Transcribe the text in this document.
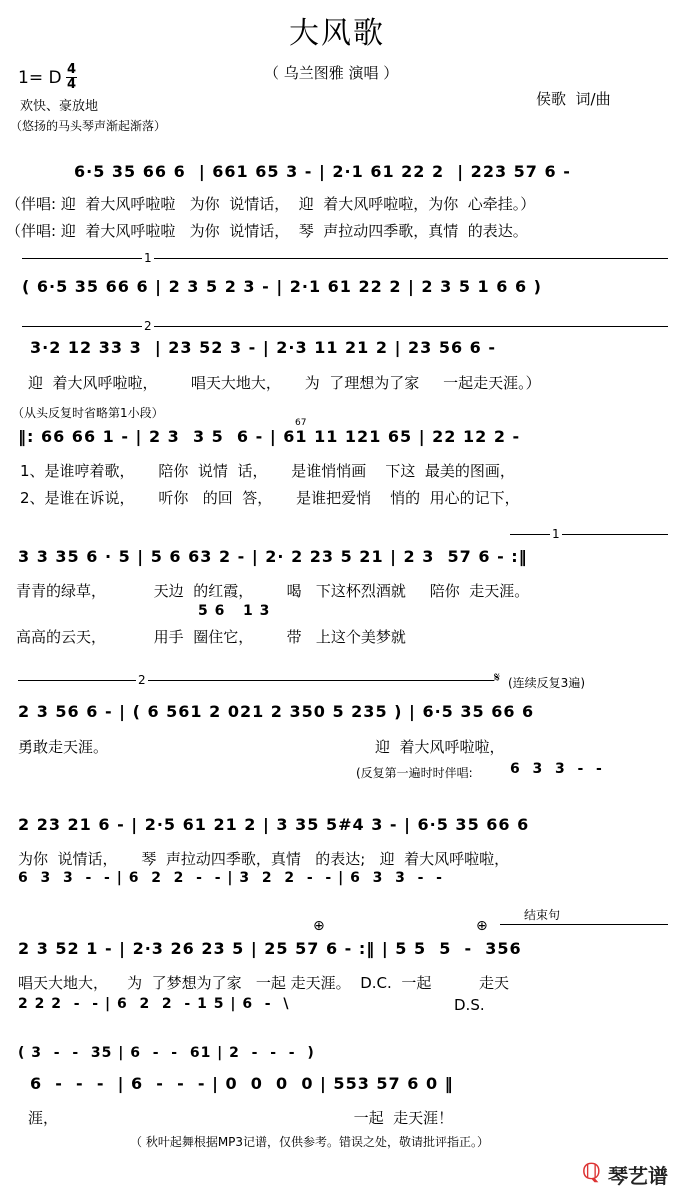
大风歌
（ 乌兰图雅 演唱 ）
1= D 4
4
欢快、豪放地
（悠扬的马头琴声渐起渐落）
侯歌  词/曲
6·5 35 66 6  | 661 65 3 - | 2·1 61 22 2  | 223 57 6 -
（伴唱: 迎  着大风呼啦啦   为你  说情话，  迎  着大风呼啦啦，为你  心牵挂。）
（伴唱: 迎  着大风呼啦啦   为你  说情话，  琴  声拉动四季歌，真情  的表达。
1
( 6·5 35 66 6 | 2 3 5 2 3 - | 2·1 61 22 2 | 2 3 5 1 6 6 )
2
3·2 12 33 3  | 23 52 3 - | 2·3 11 21 2 | 23 56 6 -
迎  着大风呼啦啦，       唱天大地大，     为  了理想为了家     一起走天涯。）
（从头反复时省略第1小段）
67
‖: 66 66 1 - | 2 3  3 5  6 - | 61 11 121 65 | 22 12 2 -
1、是谁哼着歌，     陪你  说情  话，     是谁悄悄画    下这  最美的图画，
2、是谁在诉说，     听你   的回  答，     是谁把爱悄    悄的  用心的记下，
1
3 3 35 6 · 5 | 5 6 63 2 - | 2· 2 23 5 21 | 2 3  57 6 - :‖
青青的绿草，          天边  的红霞，       喝   下这杯烈酒就     陪你  走天涯。
5 6   1 3
高高的云天，          用手  圈住它，       带   上这个美梦就
2	𝄋 (连续反复3遍)
2 3 56 6 - | ( 6 561 2 021 2 350 5 235 ) | 6·5 35 66 6
勇敢走天涯。                                                        迎  着大风呼啦啦，
(反复第一遍时时伴唱: 6  3  3  -  -
2 23 21 6 - | 2·5 61 21 2 | 3 35 5#4 3 - | 6·5 35 66 6
为你  说情话，     琴  声拉动四季歌，真情   的表达;   迎  着大风呼啦啦，
6  3  3  -  - | 6  2  2  -  - | 3  2  2  -  - | 6  3  3  -  -
⊕	⊕
结束句
2 3 52 1 - | 2·3 26 23 5 | 25 57 6 - :‖ | 5 5  5  -  356
唱天大地大，    为  了梦想为了家   一起 走天涯。  D.C.  一起          走天
2 2 2  -  - | 6  2  2  - 1 5 | 6  -  \	D.S.
( 3  -  -  35 | 6  -  -  61 | 2  -  -  -  )
6  -  -  -  | 6  -  -  - | 0  0  0  0 | 553 57 6 0 ‖
涯，                                                              一起  走天涯！
（ 秋叶起舞根据MP3记谱，仅供参考。错误之处，敬请批评指正。）
ℚ 琴艺谱
